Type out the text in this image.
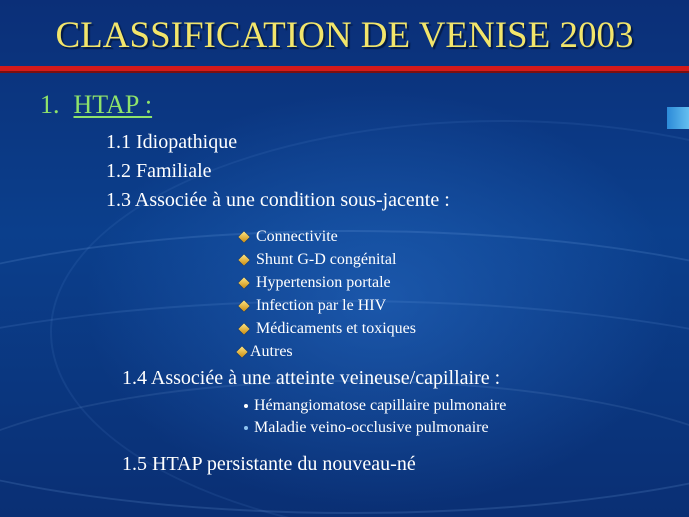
CLASSIFICATION DE VENISE 2003
1. HTAP :
1.1 Idiopathique
1.2 Familiale
1.3 Associée à une condition sous-jacente :
Connectivite
Shunt G-D congénital
Hypertension portale
Infection par le HIV
Médicaments et toxiques
Autres
1.4 Associée à une atteinte veineuse/capillaire :
Hémangiomatose capillaire pulmonaire
Maladie veino-occlusive pulmonaire
1.5 HTAP persistante du nouveau-né
